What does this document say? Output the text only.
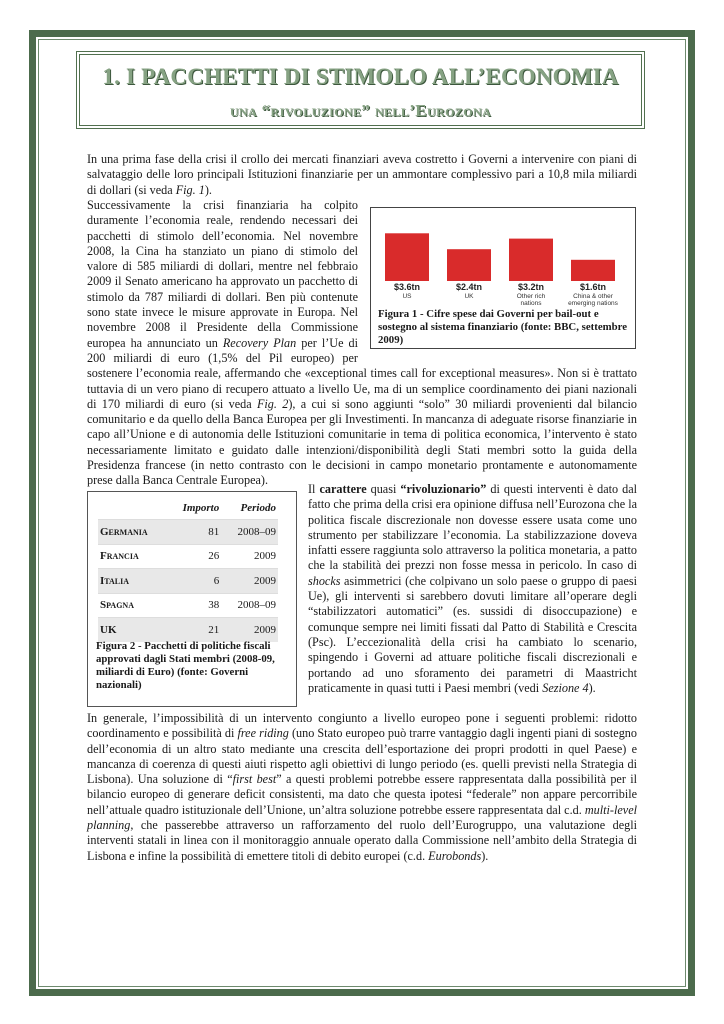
1. I PACCHETTI DI STIMOLO ALL’ECONOMIA
una “rivoluzione” nell’Eurozona

In una prima fase della crisi il crollo dei mercati finanziari aveva costretto i Governi a intervenire con piani di salvataggio delle loro principali Istituzioni finanziarie per un ammontare complessivo pari a 10,8 mila miliardi di dollari (si veda Fig. 1).

Successivamente la crisi finanziaria ha colpito duramente l’economia reale, rendendo necessari dei pacchetti di stimolo dell’economia. Nel novembre 2008, la Cina ha stanziato un piano di stimolo del valore di 585 miliardi di dollari, mentre nel febbraio 2009 il Senato americano ha approvato un pacchetto di stimolo da 787 miliardi di dollari. Ben più contenute sono state invece le misure approvate in Europa. Nel novembre 2008 il Presidente della Commissione europea ha annunciato un Recovery Plan per l’Ue di 200 miliardi di euro (1,5% del Pil europeo) per sostenere l’economia reale, affermando che «exceptional times call for exceptional measures». Non si è trattato tuttavia di un vero piano di recupero attuato a livello Ue, ma di un semplice coordinamento dei piani nazionali di 170 miliardi di euro (si veda Fig. 2), a cui si sono aggiunti “solo” 30 miliardi provenienti dal bilancio comunitario e da quello della Banca Europea per gli Investimenti. In mancanza di adeguate risorse finanziarie in capo all’Unione e di autonomia delle Istituzioni comunitarie in tema di politica economica, l’intervento è stato necessariamente limitato e guidato dalle intenzioni/disponibilità degli Stati membri sotto la guida della Presidenza francese (in netto contrasto con le decisioni in campo monetario prontamente e autonomamente prese dalla Banca Centrale Europea).

$3.6tn
US
$2.4tn
UK
$3.2tn
Other rich
nations
$1.6tn
China & other
emerging nations

Figura 1 - Cifre spese dai Governi per bail-out e sostegno al sistema finanziario (fonte: BBC, settembre 2009)

Il carattere quasi “rivoluzionario” di questi interventi è dato dal fatto che prima della crisi era opinione diffusa nell’Eurozona che la politica fiscale discrezionale non dovesse essere usata come uno strumento per stabilizzare l’economia. La stabilizzazione doveva infatti essere raggiunta solo attraverso la politica monetaria, a patto che la stabilità dei prezzi non fosse messa in pericolo. In caso di shocks asimmetrici (che colpivano un solo paese o gruppo di paesi Ue), gli interventi si sarebbero dovuti limitare all’operare degli “stabilizzatori automatici” (es. sussidi di disoccupazione) e comunque sempre nei limiti fissati dal Patto di Stabilità e Crescita (Psc). L’eccezionalità della crisi ha cambiato lo scenario, spingendo i Governi ad attuare politiche fiscali discrezionali e portando ad uno sforamento dei parametri di Maastricht praticamente in quasi tutti i Paesi membri (vedi Sezione 4).

	Importo	Periodo
Germania	81	2008–09
Francia	26	2009
Italia	6	2009
Spagna	38	2008–09
UK	21	2009

Figura 2 - Pacchetti di politiche fiscali approvati dagli Stati membri (2008-09, miliardi di Euro) (fonte: Governi nazionali)

In generale, l’impossibilità di un intervento congiunto a livello europeo pone i seguenti problemi: ridotto coordinamento e possibilità di free riding (uno Stato europeo può trarre vantaggio dagli ingenti piani di sostegno dell’economia di un altro stato mediante una crescita dell’esportazione dei propri prodotti in quel Paese) e mancanza di coerenza di questi aiuti rispetto agli obiettivi di lungo periodo (es. quelli previsti nella Strategia di Lisbona). Una soluzione di “first best” a questi problemi potrebbe essere rappresentata dalla possibilità per il bilancio europeo di generare deficit consistenti, ma dato che questa ipotesi “federale” non appare percorribile nell’attuale quadro istituzionale dell’Unione, un’altra soluzione potrebbe essere rappresentata dal c.d. multi-level planning, che passerebbe attraverso un rafforzamento del ruolo dell’Eurogruppo, una valutazione degli interventi statali in linea con il monitoraggio annuale operato dalla Commissione nell’ambito della Strategia di Lisbona e infine la possibilità di emettere titoli di debito europei (c.d. Eurobonds).
